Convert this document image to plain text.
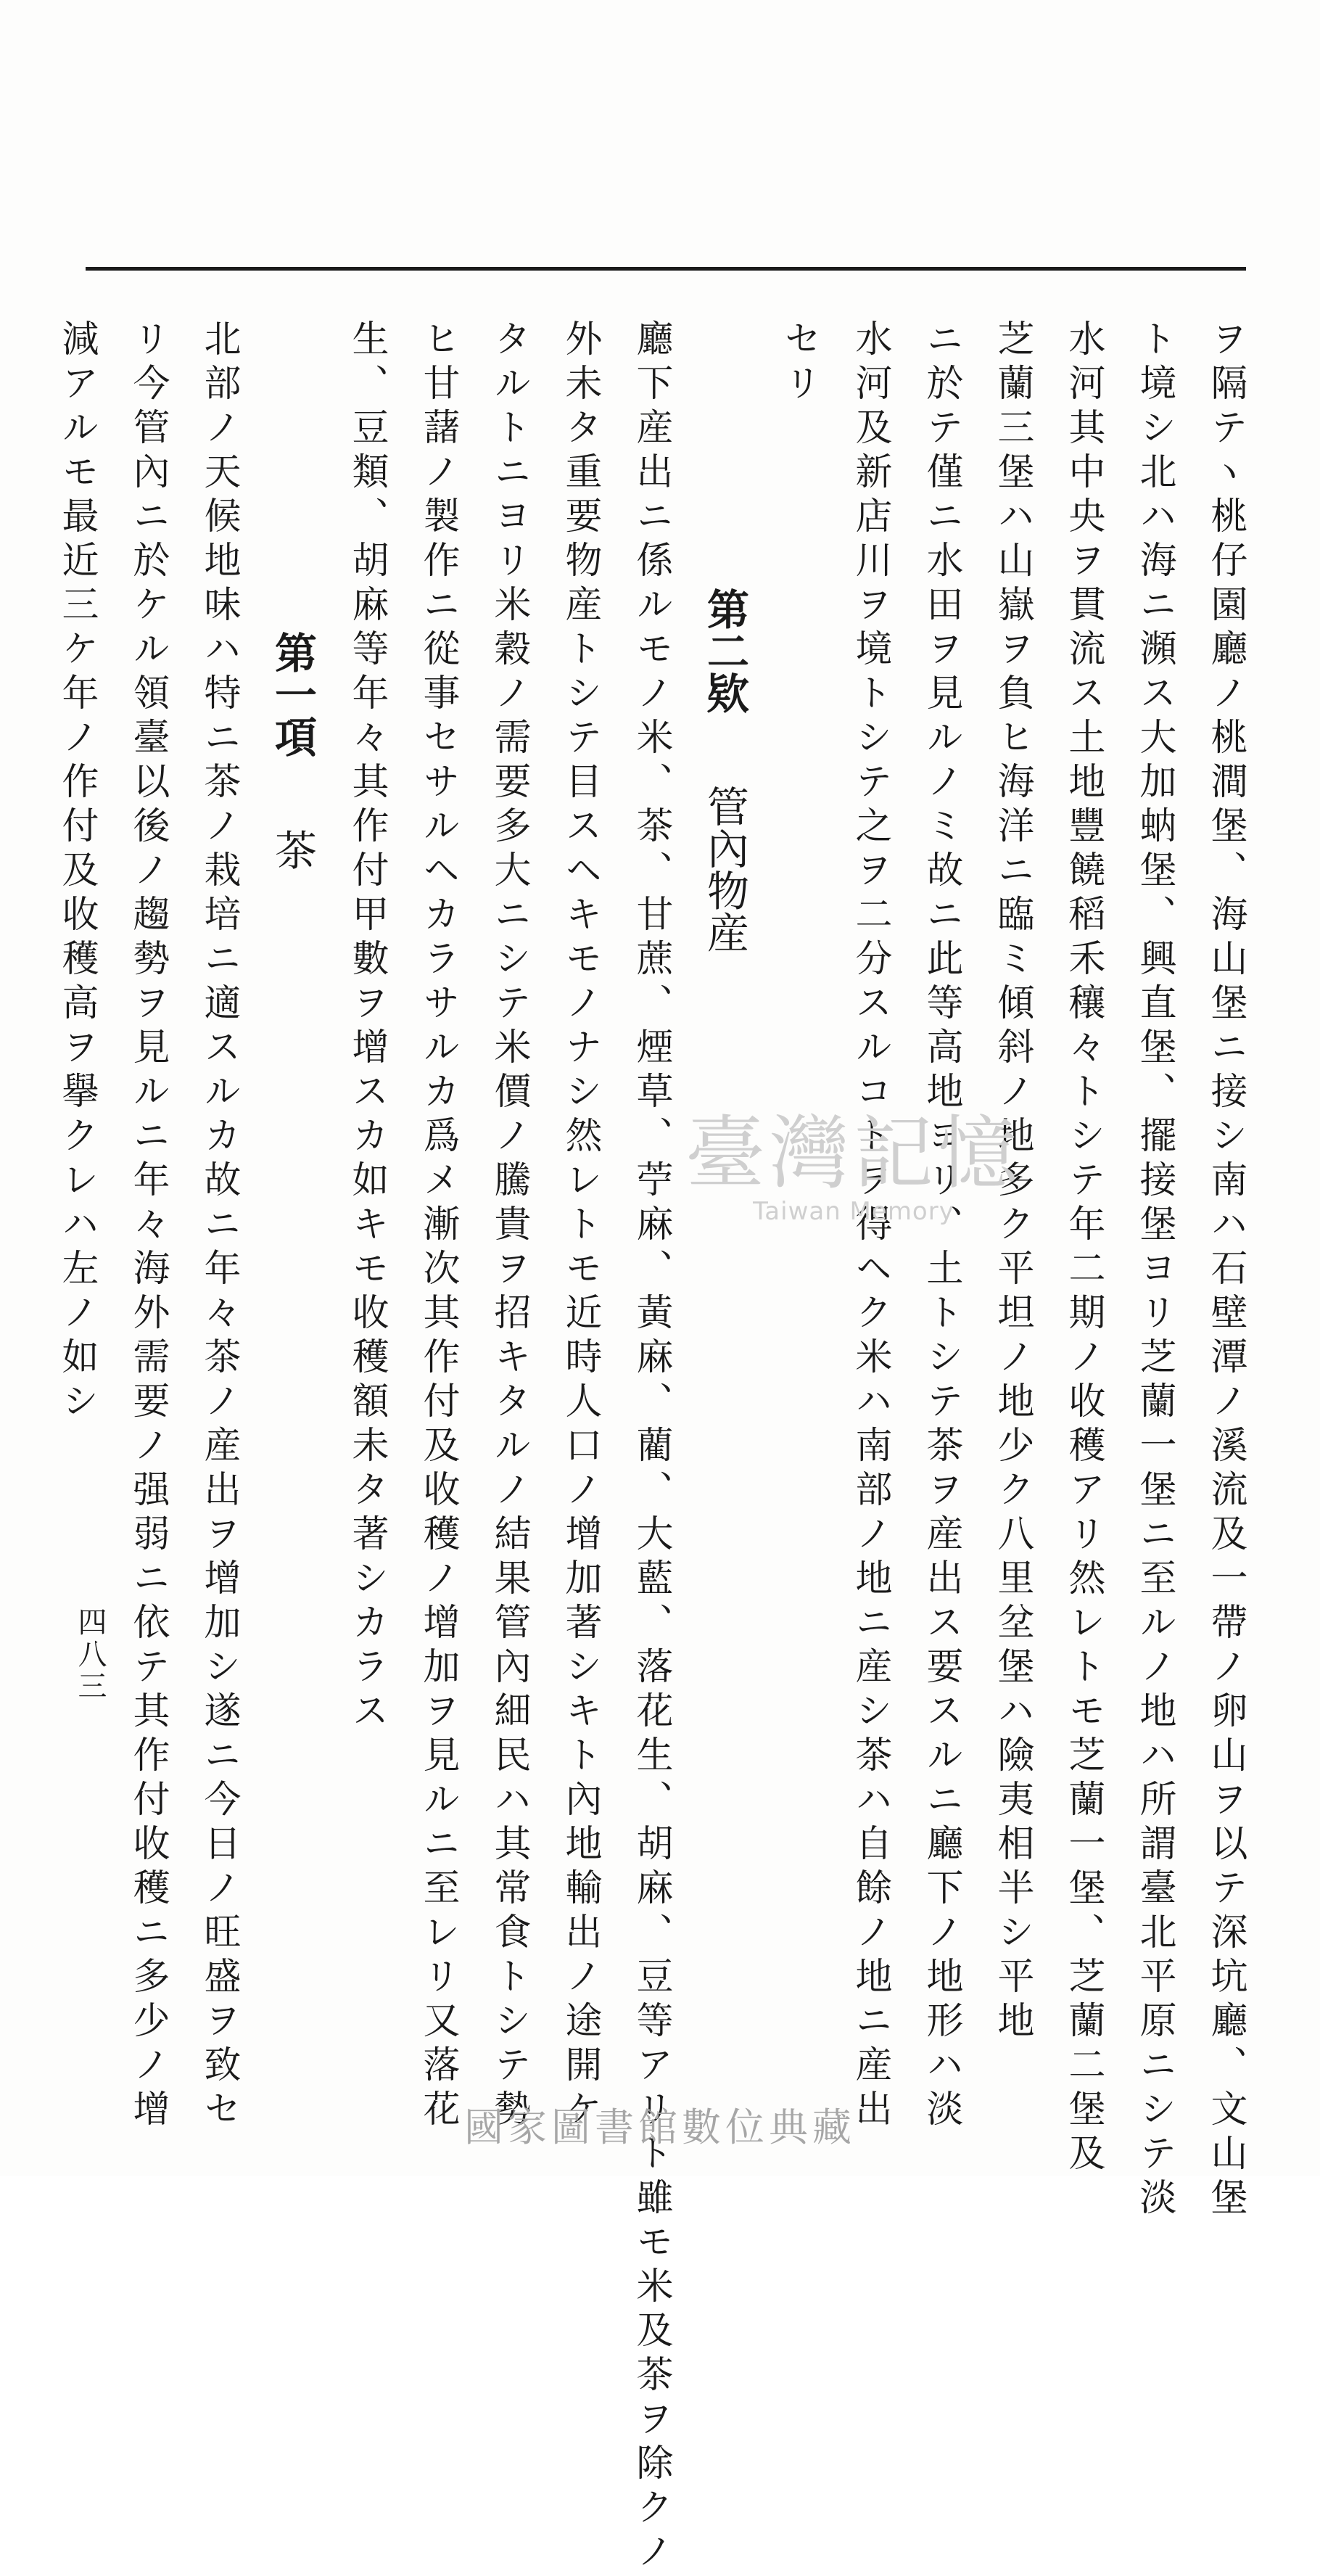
ヲ隔テヽ桃仔園廳ノ桃澗堡、海山堡ニ接シ南ハ石壁潭ノ溪流及一帶ノ卵山ヲ以テ深坑廳、文山堡
ト境シ北ハ海ニ瀕ス大加蚋堡、興直堡、擺接堡ヨリ芝蘭一堡ニ至ルノ地ハ所謂臺北平原ニシテ淡
水河其中央ヲ貫流ス土地豐饒稻禾穰々トシテ年二期ノ收穫アリ然レトモ芝蘭一堡、芝蘭二堡及
芝蘭三堡ハ山嶽ヲ負ヒ海洋ニ臨ミ傾斜ノ地多ク平坦ノ地少ク八里坌堡ハ險夷相半シ平地
ニ於テ僅ニ水田ヲ見ルノミ故ニ此等高地ヨリ、土トシテ茶ヲ産出ス要スルニ廳下ノ地形ハ淡
水河及新店川ヲ境トシテ之ヲ二分スルコトヲ得ヘク米ハ南部ノ地ニ産シ茶ハ自餘ノ地ニ産出
セリ
第二欵 管內物産
廳下産出ニ係ルモノ米、茶、甘蔗、煙草、苧麻、黃麻、藺、大藍、落花生、胡麻、豆等アリト雖モ米及茶ヲ除クノ
外未タ重要物産トシテ目スヘキモノナシ然レトモ近時人口ノ增加著シキト內地輸出ノ途開ケ
タルトニヨリ米穀ノ需要多大ニシテ米價ノ騰貴ヲ招キタルノ結果管內細民ハ其常食トシテ勢
ヒ甘藷ノ製作ニ從事セサルヘカラサルカ爲メ漸次其作付及收穫ノ增加ヲ見ルニ至レリ又落花
生、豆類、胡麻等年々其作付甲數ヲ增スカ如キモ收穫額未タ著シカラス
第一項 茶
北部ノ天候地味ハ特ニ茶ノ栽培ニ適スルカ故ニ年々茶ノ産出ヲ增加シ遂ニ今日ノ旺盛ヲ致セ
リ今管內ニ於ケル領臺以後ノ趨勢ヲ見ルニ年々海外需要ノ强弱ニ依テ其作付收穫ニ多少ノ增
減アルモ最近三ケ年ノ作付及收穫高ヲ擧クレハ左ノ如シ
四八三
臺灣記憶
Taiwan Memory
國家圖書館數位典藏
